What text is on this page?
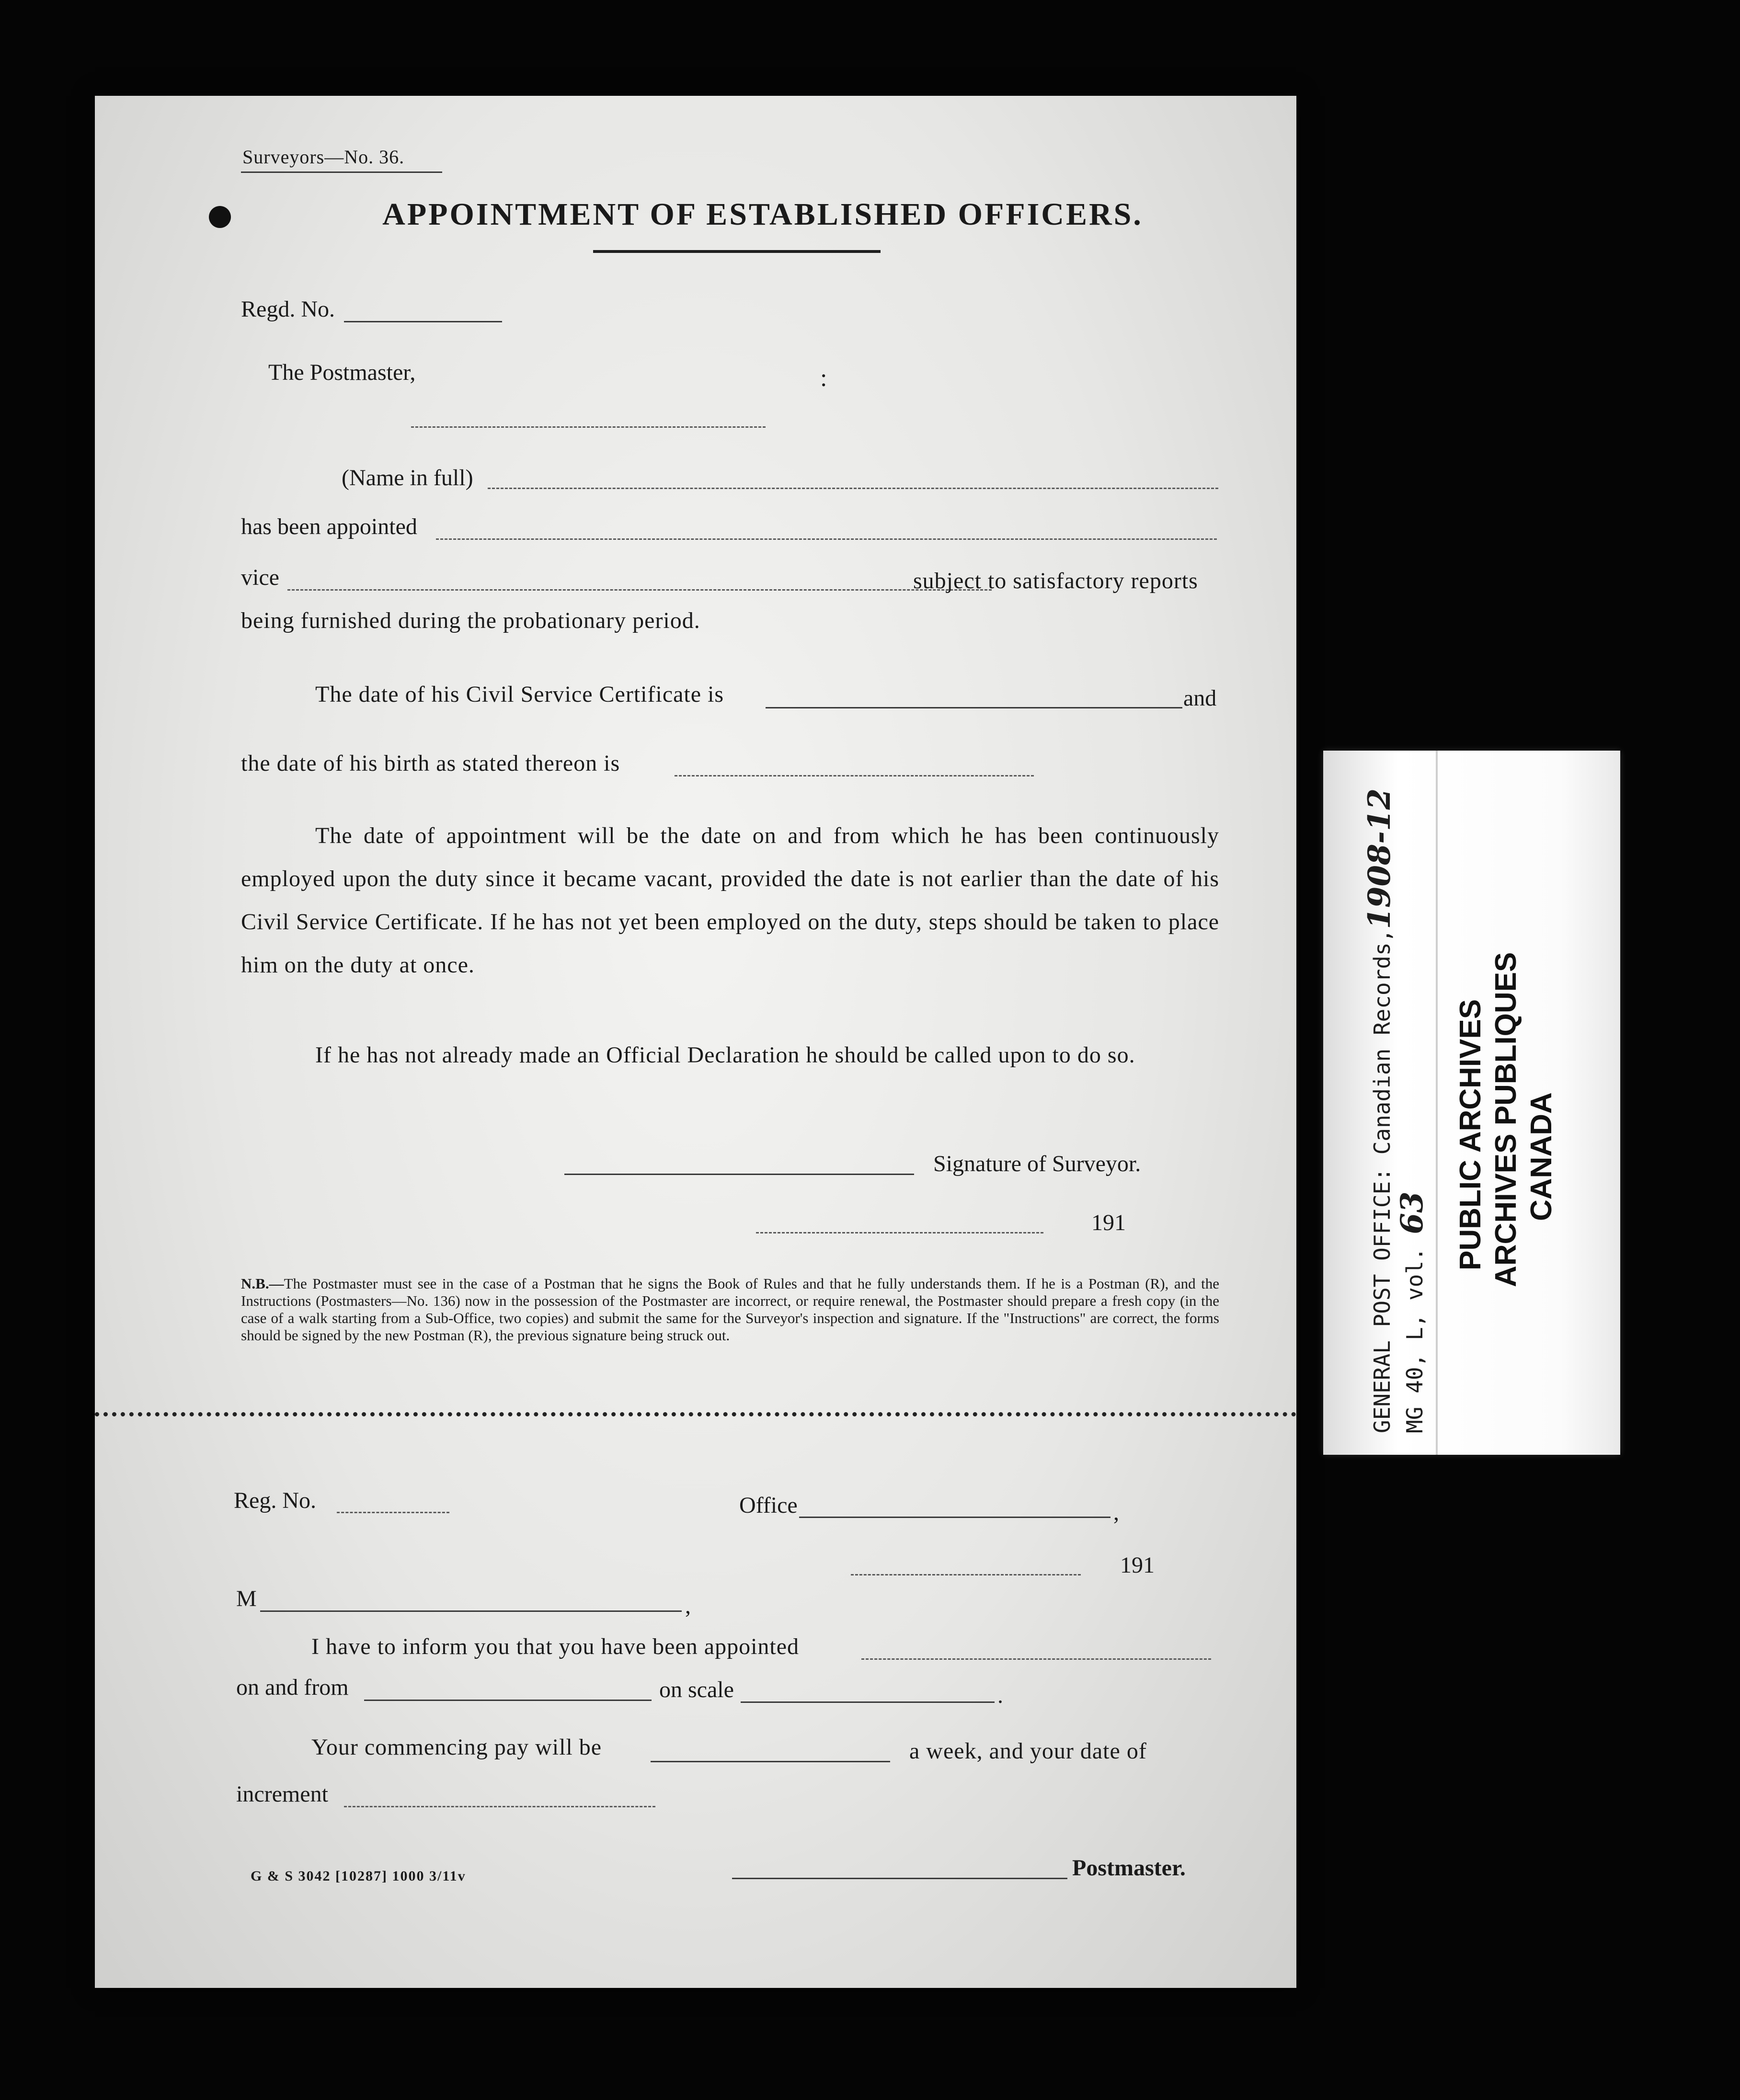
Surveyors—No. 36.
APPOINTMENT OF ESTABLISHED OFFICERS.
Regd. No.
The Postmaster,	:
(Name in full)
has been appointed
vice	subject to satisfactory reports
being furnished during the probationary period.
The date of his Civil Service Certificate is	and
the date of his birth as stated thereon is
The date of appointment will be the date on and from which he has been continuously employed upon the duty since it became vacant, provided the date is not earlier than the date of his Civil Service Certificate. If he has not yet been employed on the duty, steps should be taken to place him on the duty at once.
If he has not already made an Official Declaration he should be called upon to do so.
Signature of Surveyor.
191
N.B.—The Postmaster must see in the case of a Postman that he signs the Book of Rules and that he fully understands them. If he is a Postman (R), and the Instructions (Postmasters—No. 136) now in the possession of the Postmaster are incorrect, or require renewal, the Postmaster should prepare a fresh copy (in the case of a walk starting from a Sub-Office, two copies) and submit the same for the Surveyor's inspection and signature. If the "Instructions" are correct, the forms should be signed by the new Postman (R), the previous signature being struck out.
Reg. No.	Office	,
191
M	,
I have to inform you that you have been appointed
on and from	on scale	.
Your commencing pay will be	a week, and your date of
increment
G & S 3042 [10287] 1000 3/11v	Postmaster.
GENERAL POST OFFICE: Canadian Records,1908-12
MG 40, L, vol. 63 PUBLIC ARCHIVES ARCHIVES PUBLIQUES CANADA
